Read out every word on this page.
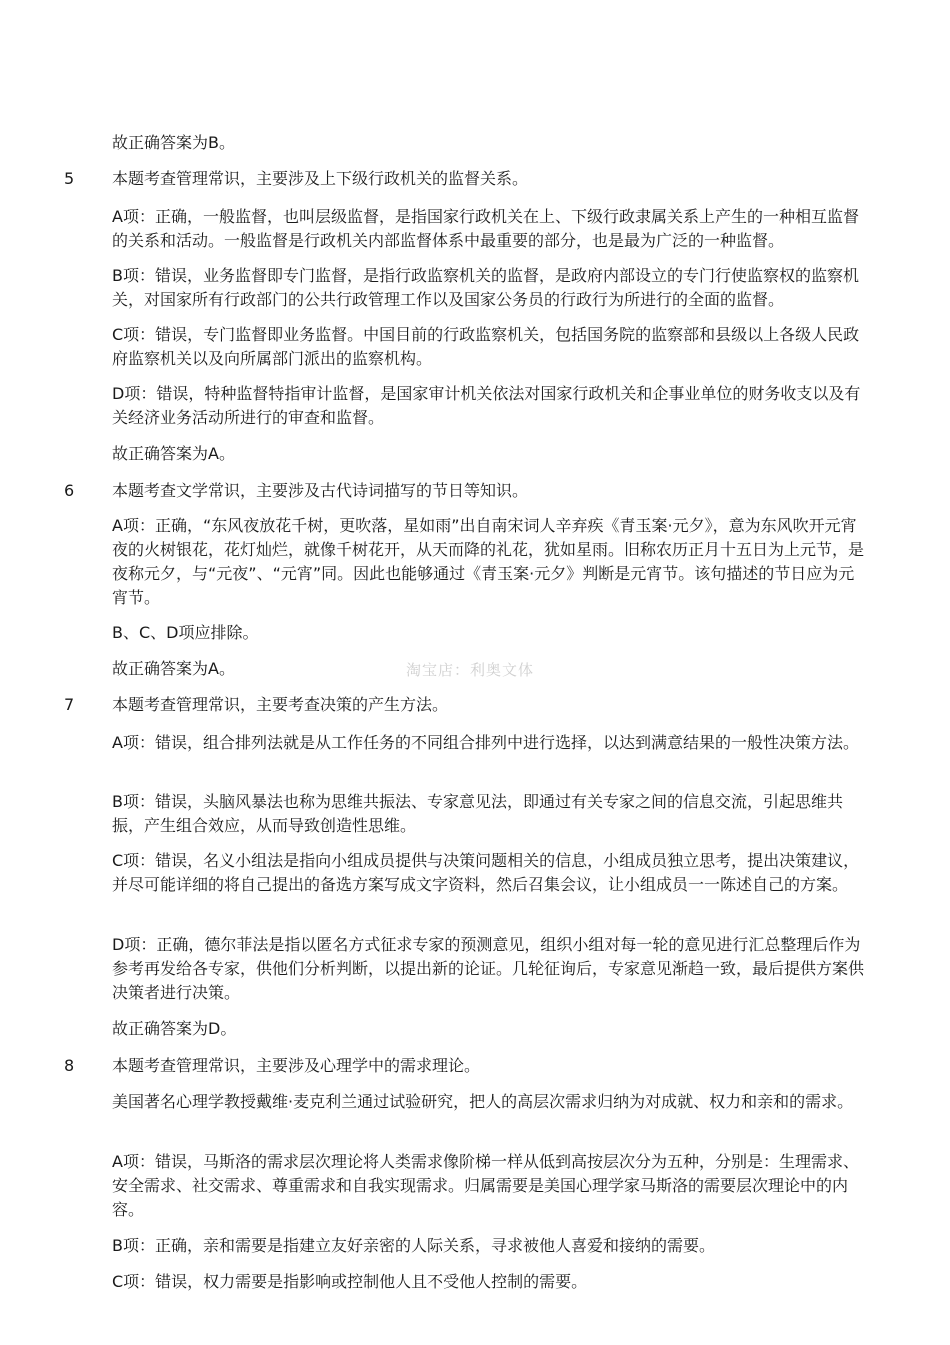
故正确答案为B。
5 本题考查管理常识，主要涉及上下级行政机关的监督关系。
A项：正确，一般监督，也叫层级监督，是指国家行政机关在上、下级行政隶属关系上产生的一种相互监督的关系和活动。一般监督是行政机关内部监督体系中最重要的部分，也是最为广泛的一种监督。
B项：错误，业务监督即专门监督，是指行政监察机关的监督，是政府内部设立的专门行使监察权的监察机关，对国家所有行政部门的公共行政管理工作以及国家公务员的行政行为所进行的全面的监督。
C项：错误，专门监督即业务监督。中国目前的行政监察机关，包括国务院的监察部和县级以上各级人民政府监察机关以及向所属部门派出的监察机构。
D项：错误，特种监督特指审计监督，是国家审计机关依法对国家行政机关和企事业单位的财务收支以及有关经济业务活动所进行的审查和监督。
故正确答案为A。
6 本题考查文学常识，主要涉及古代诗词描写的节日等知识。
A项：正确，“东风夜放花千树，更吹落，星如雨”出自南宋词人辛弃疾《青玉案·元夕》，意为东风吹开元宵夜的火树银花，花灯灿烂，就像千树花开，从天而降的礼花，犹如星雨。旧称农历正月十五日为上元节，是夜称元夕，与“元夜”、“元宵”同。因此也能够通过《青玉案·元夕》判断是元宵节。该句描述的节日应为元宵节。
B、C、D项应排除。
故正确答案为A。	淘宝店：利奥文体
7 本题考查管理常识，主要考查决策的产生方法。
A项：错误，组合排列法就是从工作任务的不同组合排列中进行选择，以达到满意结果的一般性决策方法。
B项：错误，头脑风暴法也称为思维共振法、专家意见法，即通过有关专家之间的信息交流，引起思维共振，产生组合效应，从而导致创造性思维。
C项：错误，名义小组法是指向小组成员提供与决策问题相关的信息，小组成员独立思考，提出决策建议，并尽可能详细的将自己提出的备选方案写成文字资料，然后召集会议，让小组成员一一陈述自己的方案。
D项：正确，德尔菲法是指以匿名方式征求专家的预测意见，组织小组对每一轮的意见进行汇总整理后作为参考再发给各专家，供他们分析判断，以提出新的论证。几轮征询后，专家意见渐趋一致，最后提供方案供决策者进行决策。
故正确答案为D。
8 本题考查管理常识，主要涉及心理学中的需求理论。
美国著名心理学教授戴维·麦克利兰通过试验研究，把人的高层次需求归纳为对成就、权力和亲和的需求。
A项：错误，马斯洛的需求层次理论将人类需求像阶梯一样从低到高按层次分为五种，分别是：生理需求、安全需求、社交需求、尊重需求和自我实现需求。归属需要是美国心理学家马斯洛的需要层次理论中的内容。
B项：正确，亲和需要是指建立友好亲密的人际关系，寻求被他人喜爱和接纳的需要。
C项：错误，权力需要是指影响或控制他人且不受他人控制的需要。
